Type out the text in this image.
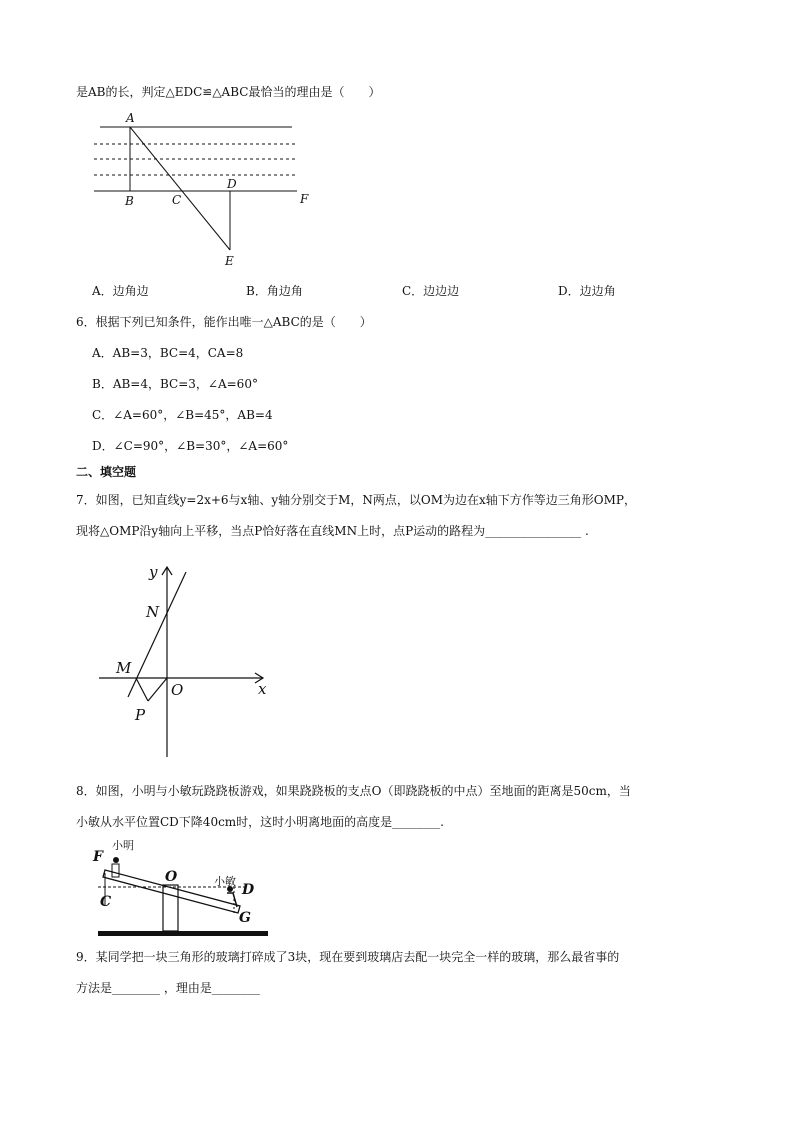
是AB的长，判定△EDC≌△ABC最恰当的理由是（　　）
A
B	C
D
E
F
A．边角边	B．角边角	C．边边边	D．边边角
6．根据下列已知条件，能作出唯一△ABC的是（　　）
A．AB=3，BC=4，CA=8
B．AB=4，BC=3，∠A=60°
C．∠A=60°，∠B=45°，AB=4
D．∠C=90°，∠B=30°，∠A=60°
二、填空题
7．如图，已知直线y=2x+6与x轴、y轴分别交于M，N两点，以OM为边在x轴下方作等边三角形OMP，
现将△OMP沿y轴向上平移，当点P恰好落在直线MN上时，点P运动的路程为________________ .
y
x
N
M
O
P
8．如图，小明与小敏玩跷跷板游戏，如果跷跷板的支点O（即跷跷板的中点）至地面的距离是50cm，当
小敏从水平位置CD下降40cm时，这时小明离地面的高度是________.
F
小明
O	小敏
D
C
G
9．某同学把一块三角形的玻璃打碎成了3块，现在要到玻璃店去配一块完全一样的玻璃，那么最省事的
方法是________ ，理由是________
